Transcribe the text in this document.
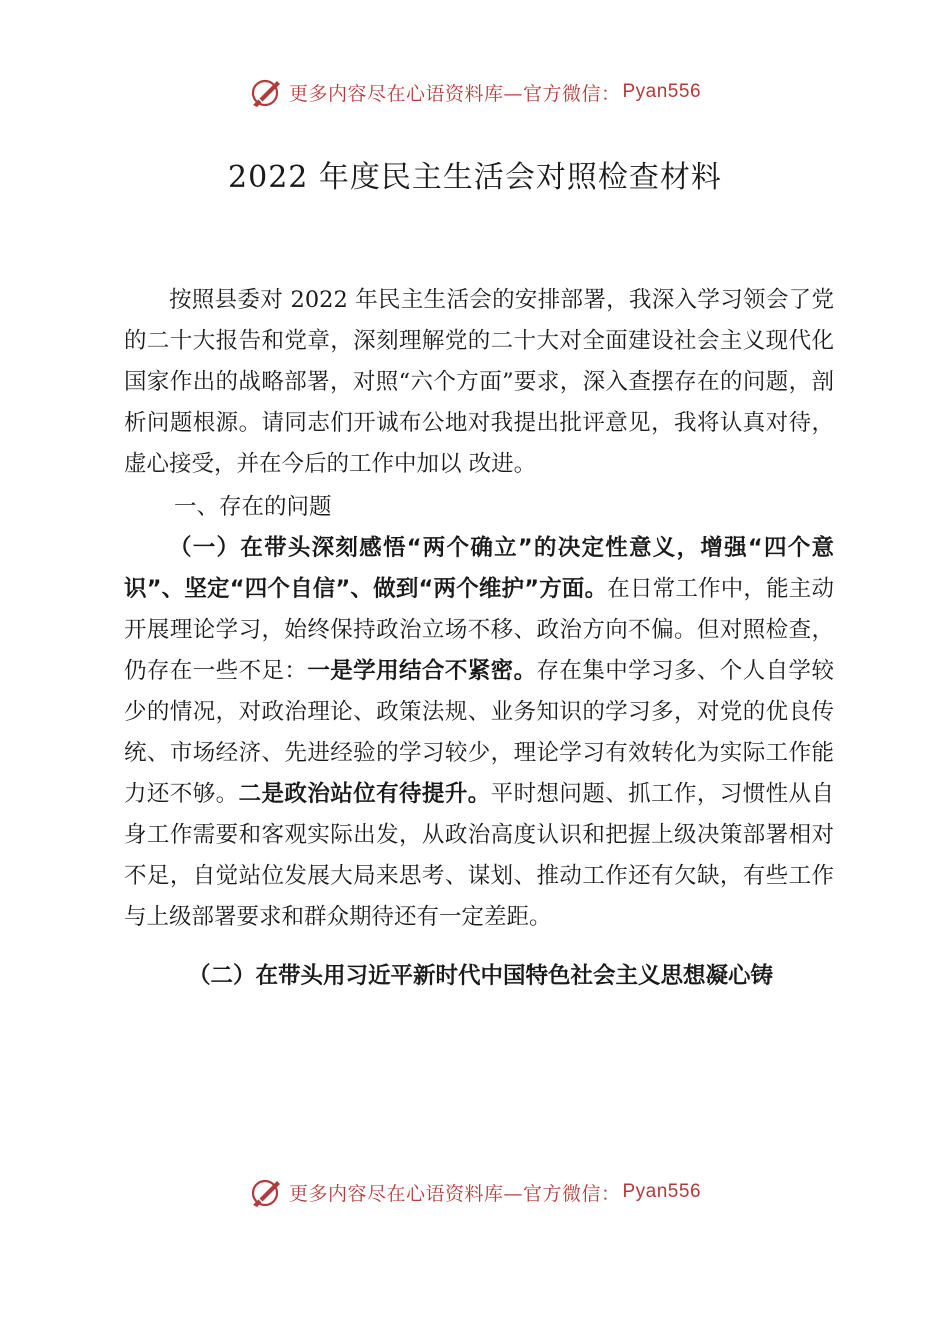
更多内容尽在心语资料库—官方微信： Pyan556
2022 年度民主生活会对照检查材料

按照县委对 2022 年民主生活会的安排部署，我深入学习领会了党的二十大报告和党章，深刻理解党的二十大对全面建设社会主义现代化国家作出的战略部署，对照“六个方面”要求，深入查摆存在的问题，剖析问题根源。请同志们开诚布公地对我提出批评意见，我将认真对待，虚心接受，并在今后的工作中加以 改进。

一、存在的问题

（一）在带头深刻感悟“两个确立”的决定性意义，增强“四个意识”、坚定“四个自信”、做到“两个维护”方面。在日常工作中，能主动开展理论学习，始终保持政治立场不移、政治方向不偏。但对照检查，仍存在一些不足：一是学用结合不紧密。存在集中学习多、个人自学较少的情况，对政治理论、政策法规、业务知识的学习多，对党的优良传统、市场经济、先进经验的学习较少，理论学习有效转化为实际工作能力还不够。二是政治站位有待提升。平时想问题、抓工作，习惯性从自身工作需要和客观实际出发，从政治高度认识和把握上级决策部署相对不足，自觉站位发展大局来思考、谋划、推动工作还有欠缺，有些工作与上级部署要求和群众期待还有一定差距。

（二）在带头用习近平新时代中国特色社会主义思想凝心铸

更多内容尽在心语资料库—官方微信： Pyan556
